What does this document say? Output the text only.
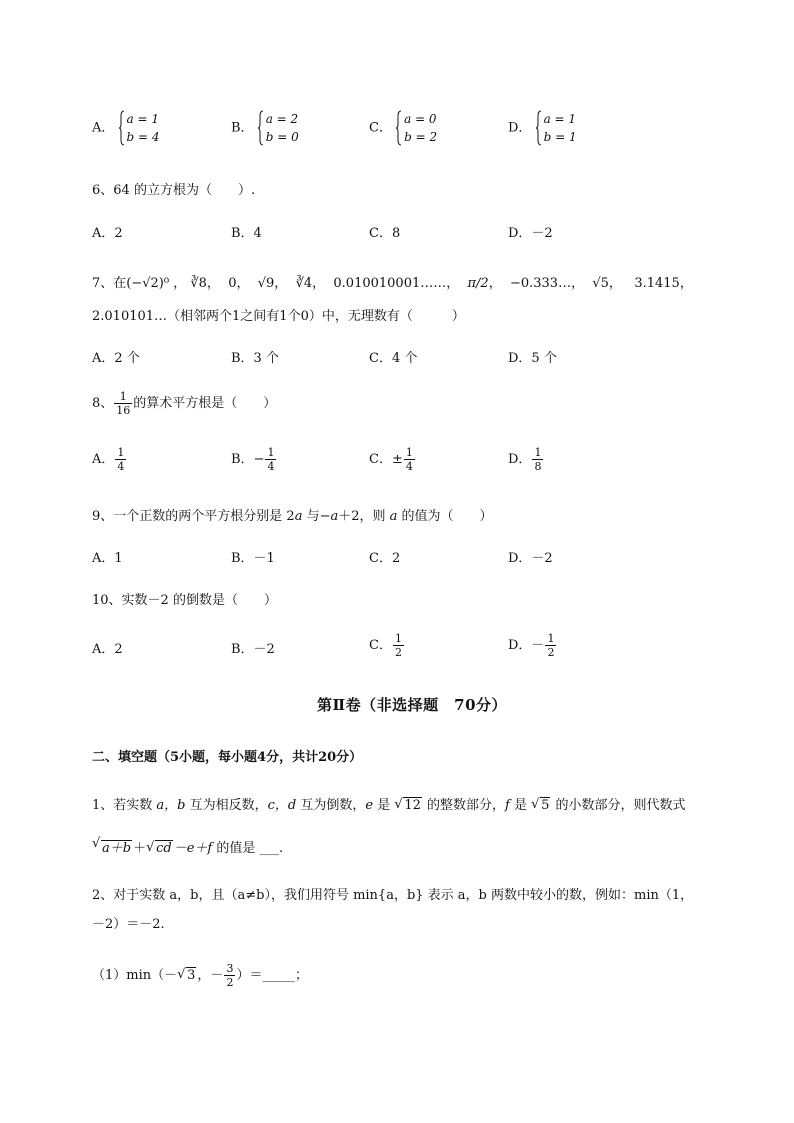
A．
a = 1
b = 4
B．
a = 2
b = 0
C．
a = 0
b = 2
D．
a = 1
b = 1
6、64 的立方根为（　　）.
A．2	B．4	C．8	D．－2
7、在(−√2)⁰ ， ∛8，  0，  √9，  ∛4，  0.010010001……，  π/2，  −0.333…，  √5，   3.1415，
2.010101…（相邻两个1之间有1个0）中，无理数有（　　　）
A．2 个	B．3 个	C．4 个	D．5 个
8、 $\frac{1}{16}$ 的算术平方根是（　　）
A． $\frac{1}{4}$	B．− $\frac{1}{4}$	C．± $\frac{1}{4}$	D． $\frac{1}{8}$
9、一个正数的两个平方根分别是 2a 与−a＋2，则 a 的值为（　　）
A．1	B．－1	C．2	D．－2
10、实数－2 的倒数是（　　）
A．2	B．－2	C． $\frac{1}{2}$	D．－ $\frac{1}{2}$
第Ⅱ卷（非选择题　70分）
二、填空题（5小题，每小题4分，共计20分）
1、若实数 a，b 互为相反数，c，d 互为倒数，e 是 √ 12 的整数部分，f 是 √ 5 的小数部分，则代数式
√ a＋b ＋ √ cd －e＋f 的值是 ___.
2、对于实数 a，b，且（a≠b），我们用符号 min{a，b} 表示 a，b 两数中较小的数，例如：min（1，
－2）＝－2.
（1）min（－ √ 3 ，－ $\frac{3}{2}$ ）＝_____；
